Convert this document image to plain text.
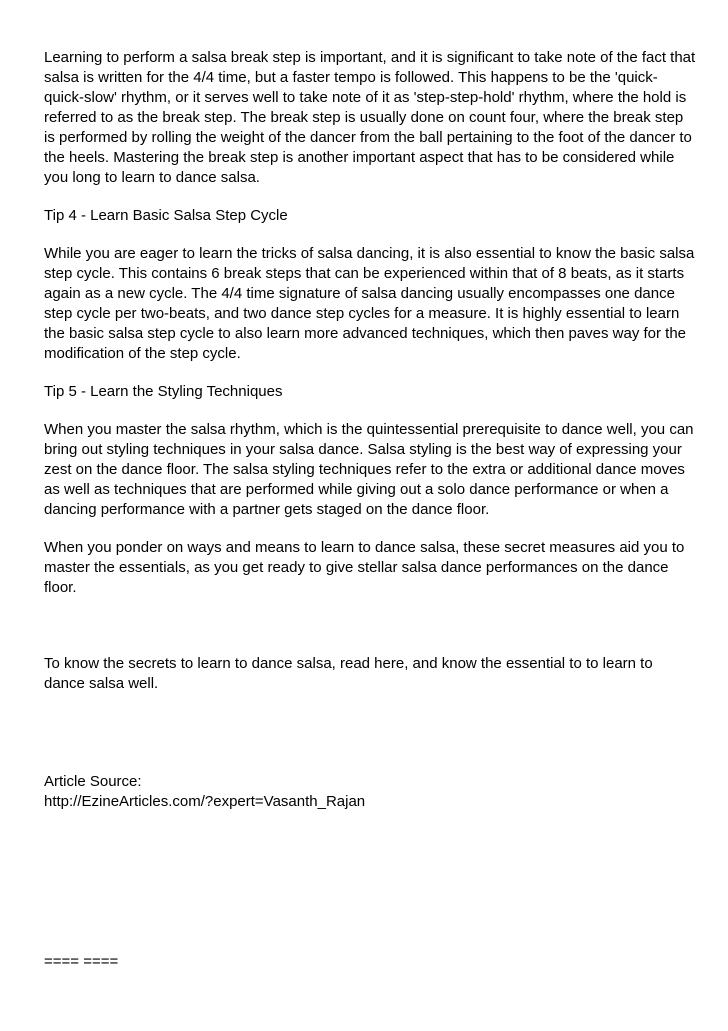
Learning to perform a salsa break step is important, and it is significant to take note of the fact that
salsa is written for the 4/4 time, but a faster tempo is followed. This happens to be the 'quick-
quick-slow' rhythm, or it serves well to take note of it as 'step-step-hold' rhythm, where the hold is
referred to as the break step. The break step is usually done on count four, where the break step
is performed by rolling the weight of the dancer from the ball pertaining to the foot of the dancer to
the heels. Mastering the break step is another important aspect that has to be considered while
you long to learn to dance salsa.
Tip 4 - Learn Basic Salsa Step Cycle
While you are eager to learn the tricks of salsa dancing, it is also essential to know the basic salsa
step cycle. This contains 6 break steps that can be experienced within that of 8 beats, as it starts
again as a new cycle. The 4/4 time signature of salsa dancing usually encompasses one dance
step cycle per two-beats, and two dance step cycles for a measure. It is highly essential to learn
the basic salsa step cycle to also learn more advanced techniques, which then paves way for the
modification of the step cycle.
Tip 5 - Learn the Styling Techniques
When you master the salsa rhythm, which is the quintessential prerequisite to dance well, you can
bring out styling techniques in your salsa dance. Salsa styling is the best way of expressing your
zest on the dance floor. The salsa styling techniques refer to the extra or additional dance moves
as well as techniques that are performed while giving out a solo dance performance or when a
dancing performance with a partner gets staged on the dance floor.
When you ponder on ways and means to learn to dance salsa, these secret measures aid you to
master the essentials, as you get ready to give stellar salsa dance performances on the dance
floor.
To know the secrets to learn to dance salsa, read here, and know the essential to to learn to
dance salsa well.
Article Source:
http://EzineArticles.com/?expert=Vasanth_Rajan
==== ====
